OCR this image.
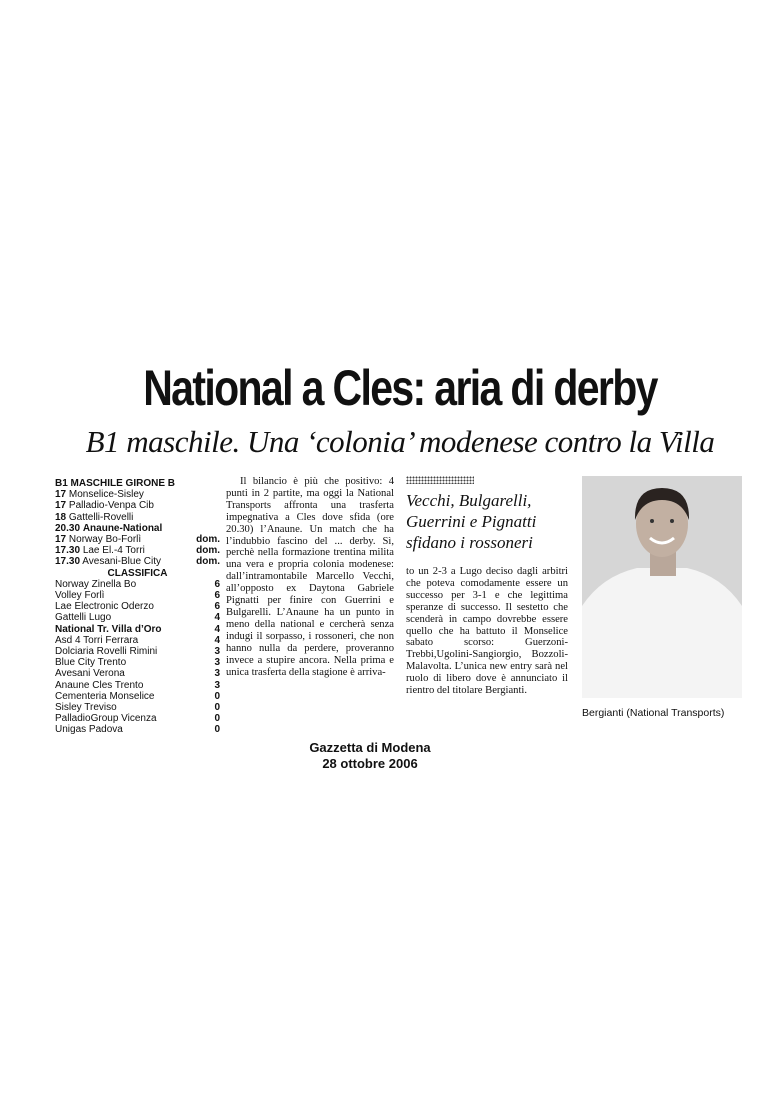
National a Cles: aria di derby
B1 maschile. Una ‘colonia’ modenese contro la Villa
B1 MASCHILE GIRONE B
17 Monselice-Sisley
17 Palladio-Venpa Cib
18 Gattelli-Rovelli
20.30 Anaune-National
17 Norway Bo-Forlì	dom.
17.30 Lae El.-4 Torri	dom.
17.30 Avesani-Blue City	dom.
CLASSIFICA
Norway Zinella Bo	6
Volley Forlì	6
Lae Electronic Oderzo	6
Gattelli Lugo	4
National Tr. Villa d’Oro	4
Asd 4 Torri Ferrara	4
Dolciaria Rovelli Rimini	3
Blue City Trento	3
Avesani Verona	3
Anaune Cles Trento	3
Cementeria Monselice	0
Sisley Treviso	0
PalladioGroup Vicenza	0
Unigas Padova	0

Il bilancio è più che positivo: 4 punti in 2 partite, ma oggi la National Transports affronta una trasferta impegnativa a Cles dove sfida (ore 20.30) l’Anaune. Un match che ha l’indubbio fascino del ... derby. Sì, perchè nella formazione trentina milita una vera e propria colonia modenese: dall’intramontabile Marcello Vecchi, all’opposto ex Daytona Gabriele Pignatti per finire con Guerrini e Bulgarelli. L’Anaune ha un punto in meno della national e cercherà senza indugi il sorpasso, i rossoneri, che non hanno nulla da perdere, proveranno invece a stupire ancora. Nella prima e unica trasferta della stagione è arriva-

Vecchi, Bulgarelli, Guerrini e Pignatti sfidano i rossoneri

to un 2-3 a Lugo deciso dagli arbitri che poteva comodamente essere un successo per 3-1 e che legittima speranze di successo. Il sestetto che scenderà in campo dovrebbe essere quello che ha battuto il Monselice sabato scorso: Guerzoni-Trebbi,Ugolini-Sangiorgio, Bozzoli-Malavolta. L’unica new entry sarà nel ruolo di libero dove è annunciato il rientro del titolare Bergianti.

Bergianti (National Transports)
Gazzetta di Modena
28 ottobre 2006
